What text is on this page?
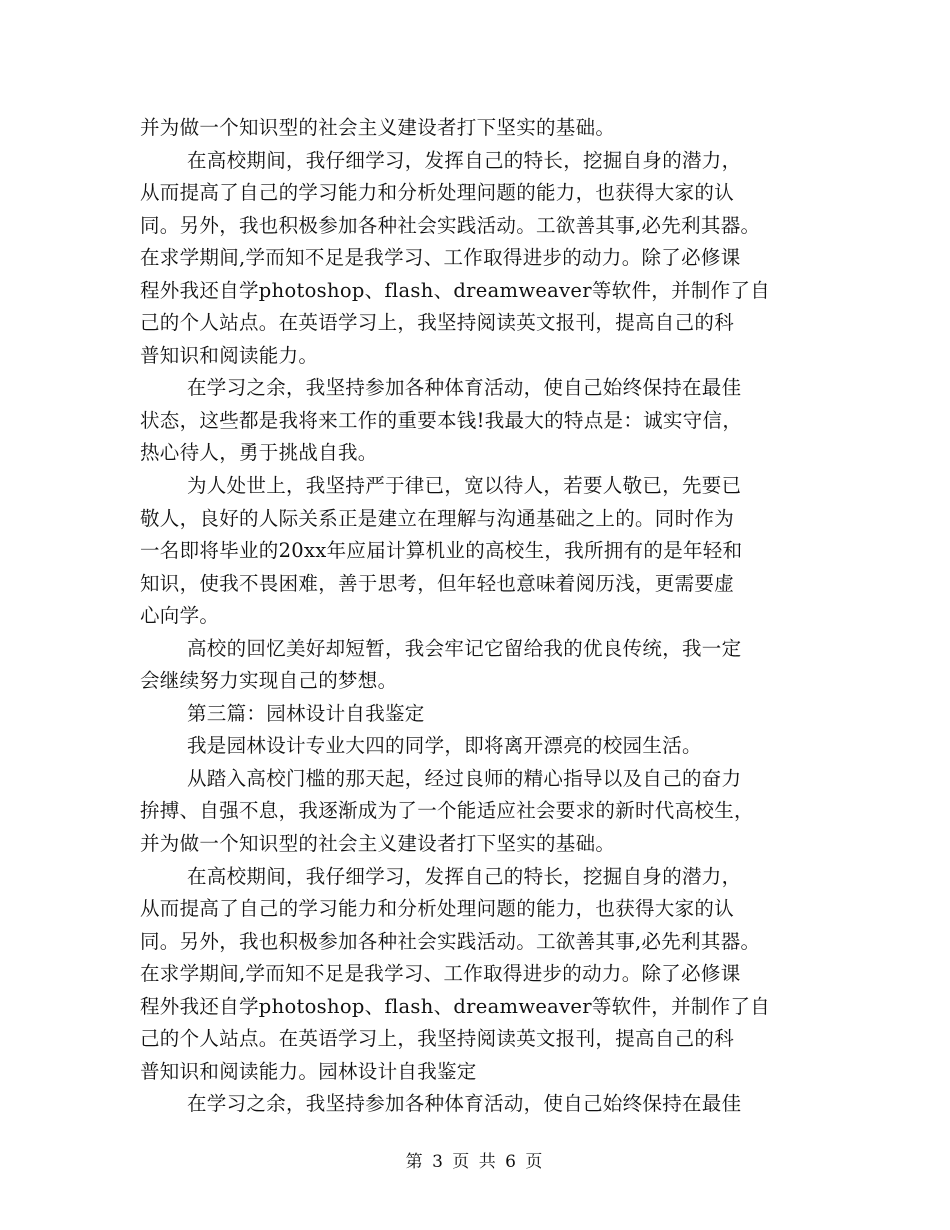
并为做一个知识型的社会主义建设者打下坚实的基础。
在高校期间，我仔细学习，发挥自己的特长，挖掘自身的潜力，
从而提高了自己的学习能力和分析处理问题的能力，也获得大家的认
同。另外，我也积极参加各种社会实践活动。工欲善其事,必先利其器。
在求学期间,学而知不足是我学习、工作取得进步的动力。除了必修课
程外我还自学photoshop、flash、dreamweaver等软件，并制作了自
己的个人站点。在英语学习上，我坚持阅读英文报刊，提高自己的科
普知识和阅读能力。
在学习之余，我坚持参加各种体育活动，使自己始终保持在最佳
状态，这些都是我将来工作的重要本钱!我最大的特点是：诚实守信，
热心待人，勇于挑战自我。
为人处世上，我坚持严于律已，宽以待人，若要人敬已，先要已
敬人，良好的人际关系正是建立在理解与沟通基础之上的。同时作为
一名即将毕业的20xx年应届计算机业的高校生，我所拥有的是年轻和
知识，使我不畏困难，善于思考，但年轻也意味着阅历浅，更需要虚
心向学。
高校的回忆美好却短暂，我会牢记它留给我的优良传统，我一定
会继续努力实现自己的梦想。
第三篇：园林设计自我鉴定
我是园林设计专业大四的同学，即将离开漂亮的校园生活。
从踏入高校门槛的那天起，经过良师的精心指导以及自己的奋力
拚搏、自强不息，我逐渐成为了一个能适应社会要求的新时代高校生，
并为做一个知识型的社会主义建设者打下坚实的基础。
在高校期间，我仔细学习，发挥自己的特长，挖掘自身的潜力，
从而提高了自己的学习能力和分析处理问题的能力，也获得大家的认
同。另外，我也积极参加各种社会实践活动。工欲善其事,必先利其器。
在求学期间,学而知不足是我学习、工作取得进步的动力。除了必修课
程外我还自学photoshop、flash、dreamweaver等软件，并制作了自
己的个人站点。在英语学习上，我坚持阅读英文报刊，提高自己的科
普知识和阅读能力。园林设计自我鉴定
在学习之余，我坚持参加各种体育活动，使自己始终保持在最佳
第 3 页 共 6 页
